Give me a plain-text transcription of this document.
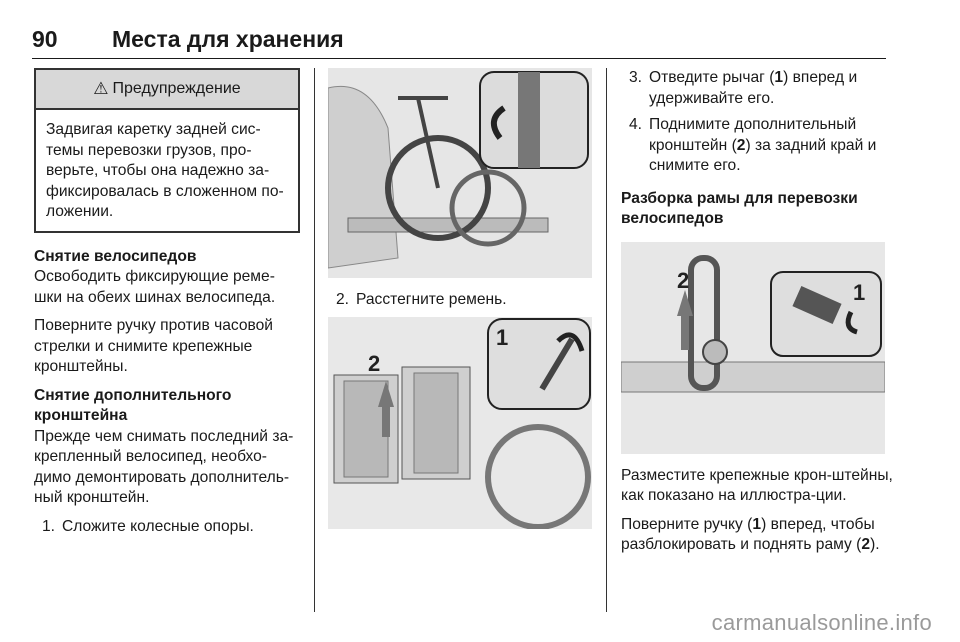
90 Места для хранения
⚠ Предупреждение
Задвигая каретку задней сис-темы перевозки грузов, про-верьте, чтобы она надежно за-фиксировалась в сложенном по-ложении.
Снятие велосипедов

Освободить фиксирующие реме-шки на обеих шинах велосипеда.

Поверните ручку против часовой стрелки и снимите крепежные кронштейны.

Снятие дополнительного
кронштейна

Прежде чем снимать последний за-крепленный велосипед, необхо-димо демонтировать дополнитель-ный кронштейн.

1. Сложите колесные опоры.
2. Расстегните ремень.
2
1
3. Отведите рычаг (1) вперед и удерживайте его.
4. Поднимите дополнительный кронштейн (2) за задний край и снимите его.
Разборка рамы для перевозки
велосипедов
2	1

Разместите крепежные крон-штейны, как показано на иллюстра-ции.

Поверните ручку (1) вперед, чтобы разблокировать и поднять раму (2).

carmanualsonline.info
